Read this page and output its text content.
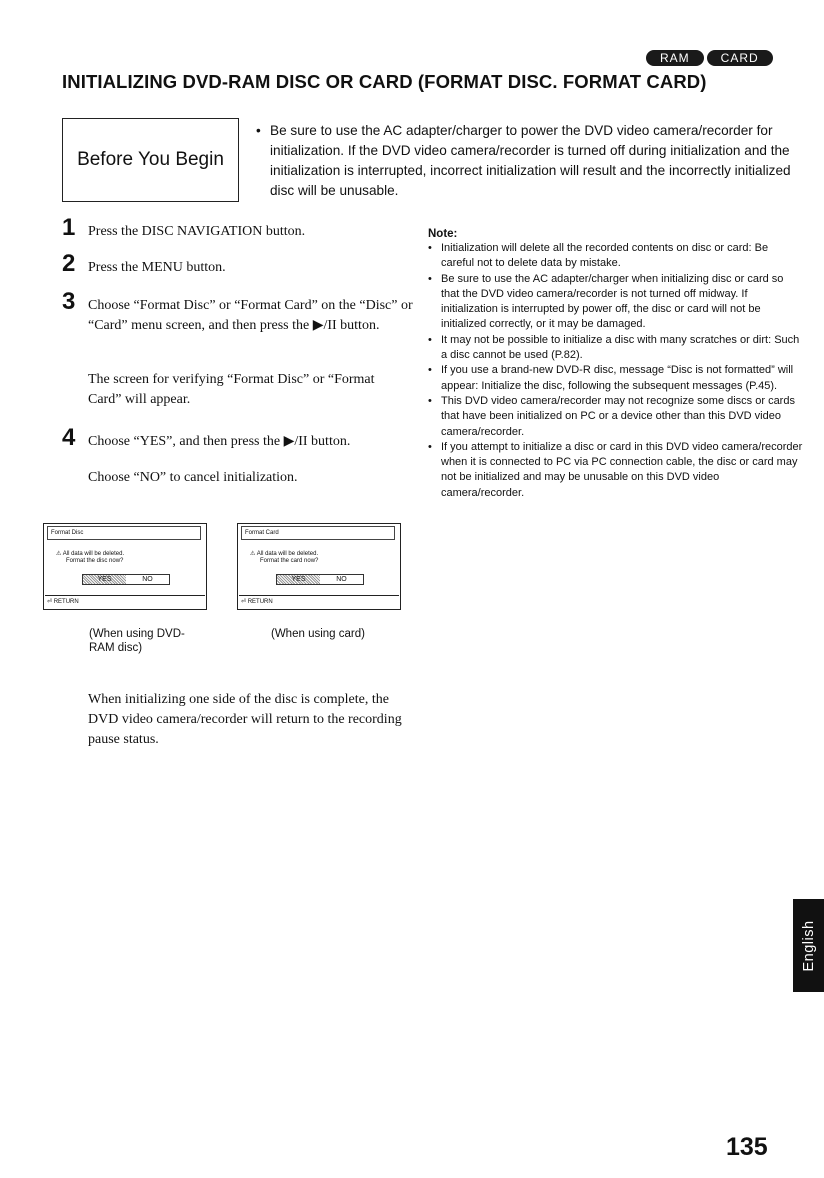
RAM	CARD
INITIALIZING DVD-RAM DISC OR CARD (FORMAT DISC. FORMAT CARD)
Before You Begin
• Be sure to use the AC adapter/charger to power the DVD video camera/recorder for initialization. If the DVD video camera/recorder is turned off during initialization and the initialization is interrupted, incorrect initialization will result and the incorrectly initialized disc will be unusable.
1 Press the DISC NAVIGATION button.
2 Press the MENU button.
3 Choose “Format Disc” or “Format Card” on the “Disc” or “Card” menu screen, and then press the ▶/II button.
The screen for verifying “Format Disc” or “Format Card” will appear.
4 Choose “YES”, and then press the ▶/II button.
Choose “NO” to cancel initialization.
Format Disc
⚠ All data will be deleted.
Format the disc now?
YES	NO
⏎ RETURN
(When using DVD-RAM disc)
Format Card
⚠ All data will be deleted.
Format the card now?
YES	NO
⏎ RETURN
(When using card)
When initializing one side of the disc is complete, the DVD video camera/recorder will return to the recording pause status.
Note:
• Initialization will delete all the recorded contents on disc or card: Be careful not to delete data by mistake.
• Be sure to use the AC adapter/charger when initializing disc or card so that the DVD video camera/recorder is not turned off midway. If initialization is interrupted by power off, the disc or card will not be initialized correctly, or it may be damaged.
• It may not be possible to initialize a disc with many scratches or dirt: Such a disc cannot be used (P.82).
• If you use a brand-new DVD-R disc, message “Disc is not formatted” will appear: Initialize the disc, following the subsequent messages (P.45).
• This DVD video camera/recorder may not recognize some discs or cards that have been initialized on PC or a device other than this DVD video camera/recorder.
• If you attempt to initialize a disc or card in this DVD video camera/recorder when it is connected to PC via PC connection cable, the disc or card may not be initialized and may be unusable on this DVD video camera/recorder.
English
135
